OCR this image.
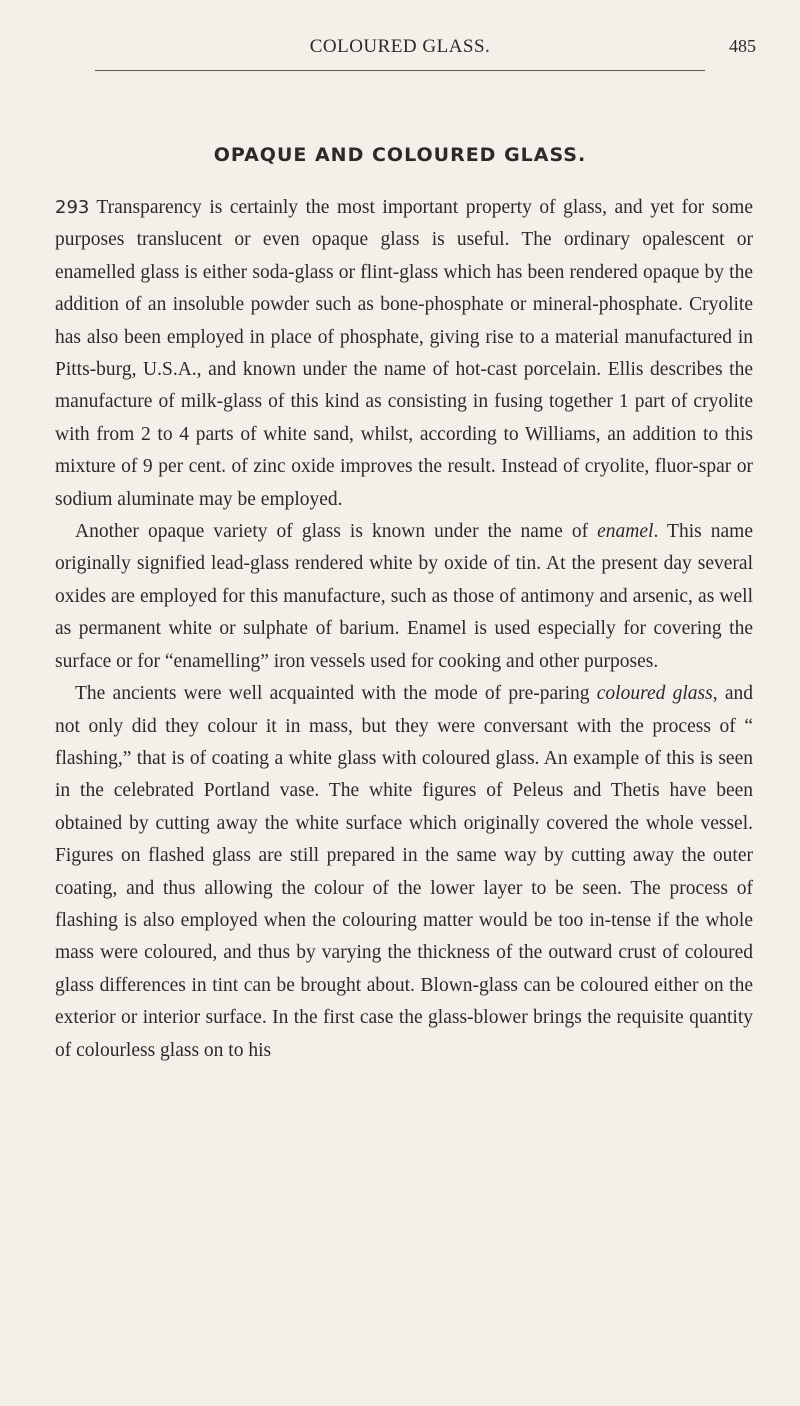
COLOURED GLASS.	485
OPAQUE AND COLOURED GLASS.

293 Transparency is certainly the most important property of glass, and yet for some purposes translucent or even opaque glass is useful. The ordinary opalescent or enamelled glass is either soda-glass or flint-glass which has been rendered opaque by the addition of an insoluble powder such as bone-phosphate or mineral-phosphate. Cryolite has also been employed in place of phosphate, giving rise to a material manufactured in Pitts-burg, U.S.A., and known under the name of hot-cast porcelain. Ellis describes the manufacture of milk-glass of this kind as consisting in fusing together 1 part of cryolite with from 2 to 4 parts of white sand, whilst, according to Williams, an addition to this mixture of 9 per cent. of zinc oxide improves the result. Instead of cryolite, fluor-spar or sodium aluminate may be employed.

Another opaque variety of glass is known under the name of enamel. This name originally signified lead-glass rendered white by oxide of tin. At the present day several oxides are employed for this manufacture, such as those of antimony and arsenic, as well as permanent white or sulphate of barium. Enamel is used especially for covering the surface or for “enamelling” iron vessels used for cooking and other purposes.

The ancients were well acquainted with the mode of pre-paring coloured glass, and not only did they colour it in mass, but they were conversant with the process of “ flashing,” that is of coating a white glass with coloured glass. An example of this is seen in the celebrated Portland vase. The white figures of Peleus and Thetis have been obtained by cutting away the white surface which originally covered the whole vessel. Figures on flashed glass are still prepared in the same way by cutting away the outer coating, and thus allowing the colour of the lower layer to be seen. The process of flashing is also employed when the colouring matter would be too in-tense if the whole mass were coloured, and thus by varying the thickness of the outward crust of coloured glass differences in tint can be brought about. Blown-glass can be coloured either on the exterior or interior surface. In the first case the glass-blower brings the requisite quantity of colourless glass on to his
